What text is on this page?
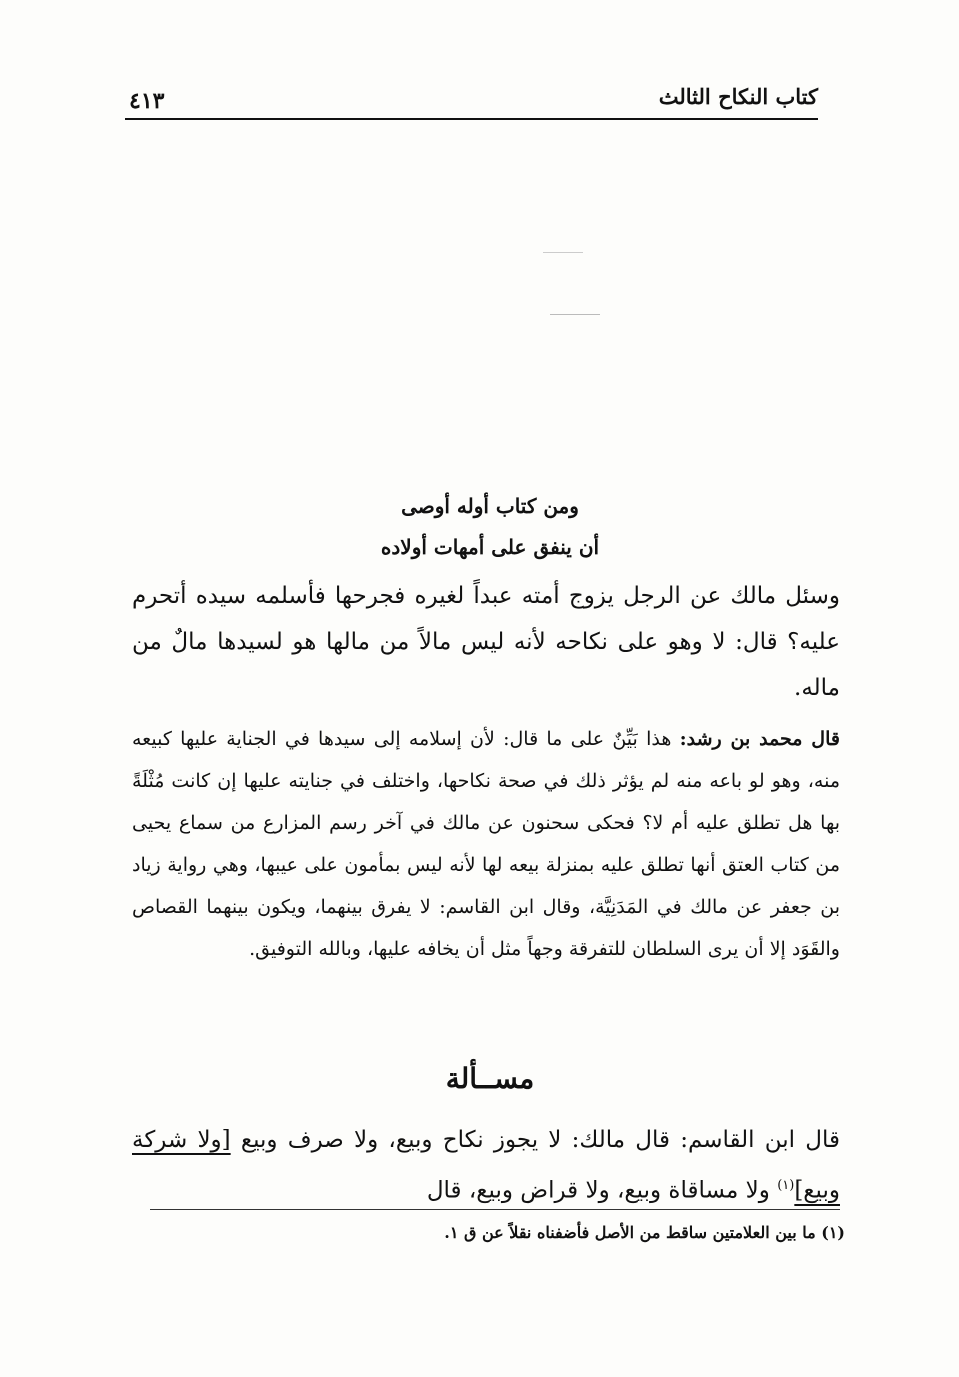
كتاب النكاح الثالث
٤١٣
ومن كتاب أوله أوصى
أن ينفق على أمهات أولاده

وسئل مالك عن الرجل يزوج أمته عبداً لغيره فجرحها فأسلمه سيده أتحرم عليه؟ قال: لا وهو على نكاحه لأنه ليس مالاً من مالها هو لسيدها مالٌ من ماله.

قال محمد بن رشد: هذا بَيِّنٌ على ما قال: لأن إسلامه إلى سيدها في الجناية عليها كبيعه منه، وهو لو باعه منه لم يؤثر ذلك في صحة نكاحها، واختلف في جنايته عليها إن كانت مُثْلَةً بها هل تطلق عليه أم لا؟ فحكى سحنون عن مالك في آخر رسم المزارع من سماع يحيى من كتاب العتق أنها تطلق عليه بمنزلة بيعه لها لأنه ليس بمأمون على عيبها، وهي رواية زياد بن جعفر عن مالك في المَدَنِيَّة، وقال ابن القاسم: لا يفرق بينهما، ويكون بينهما القصاص والقَوَد إلا أن يرى السلطان للتفرقة وجهاً مثل أن يخافه عليها، وبالله التوفيق.

مســألة

قال ابن القاسم: قال مالك: لا يجوز نكاح وبيع، ولا صرف وبيع [ولا شركة وبيع]$^{(١)}$ ولا مساقاة وبيع، ولا قراض وبيع، قال

(١) ما بين العلامتين ساقط من الأصل فأضفناه نقلاً عن ق ١.
